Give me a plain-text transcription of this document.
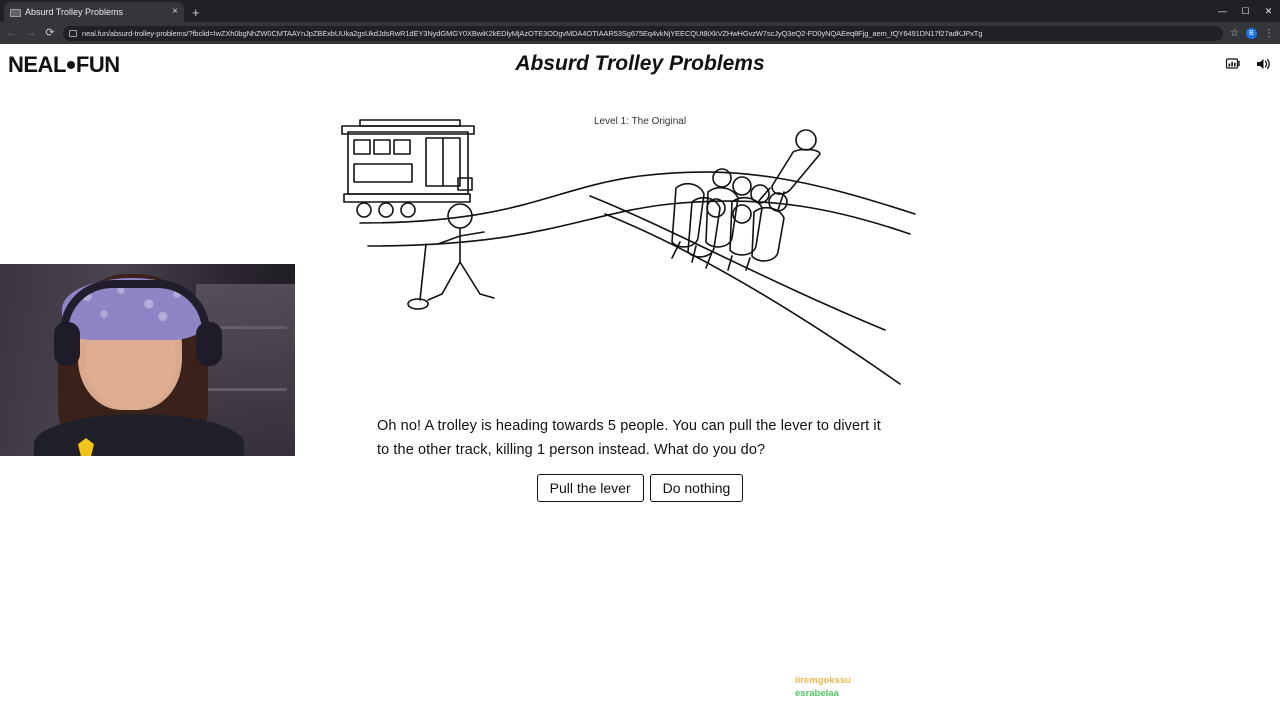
Absurd Trolley Problems	× +	—	☐	✕
← → ⟳	neal.fun/absurd-trolley-problems/?fbclid=IwZXh0bgNhZW0CMTAAYnJpZBExbUUka2gsUkdJdsRwR1dEY3NydGMGY0XBwiK2kEDlyMjAzOTE3ODgvMDA4OTIAAR53Sg675Eq4vkNjYEECQUt8iXkVZHwHGvzW7scJyQ3eQ2-FD0yNQAEeq8Fjg_aem_tQY6491DN17f27adKJPxTg	☆	B	⋮
NEAL FUN	Absurd Trolley Problems
Level 1: The Original
Oh no! A trolley is heading towards 5 people. You can pull the lever to divert it to the other track, killing 1 person instead. What do you do?
Pull the lever	Do nothing
iiremgokssu
esrabelaa
